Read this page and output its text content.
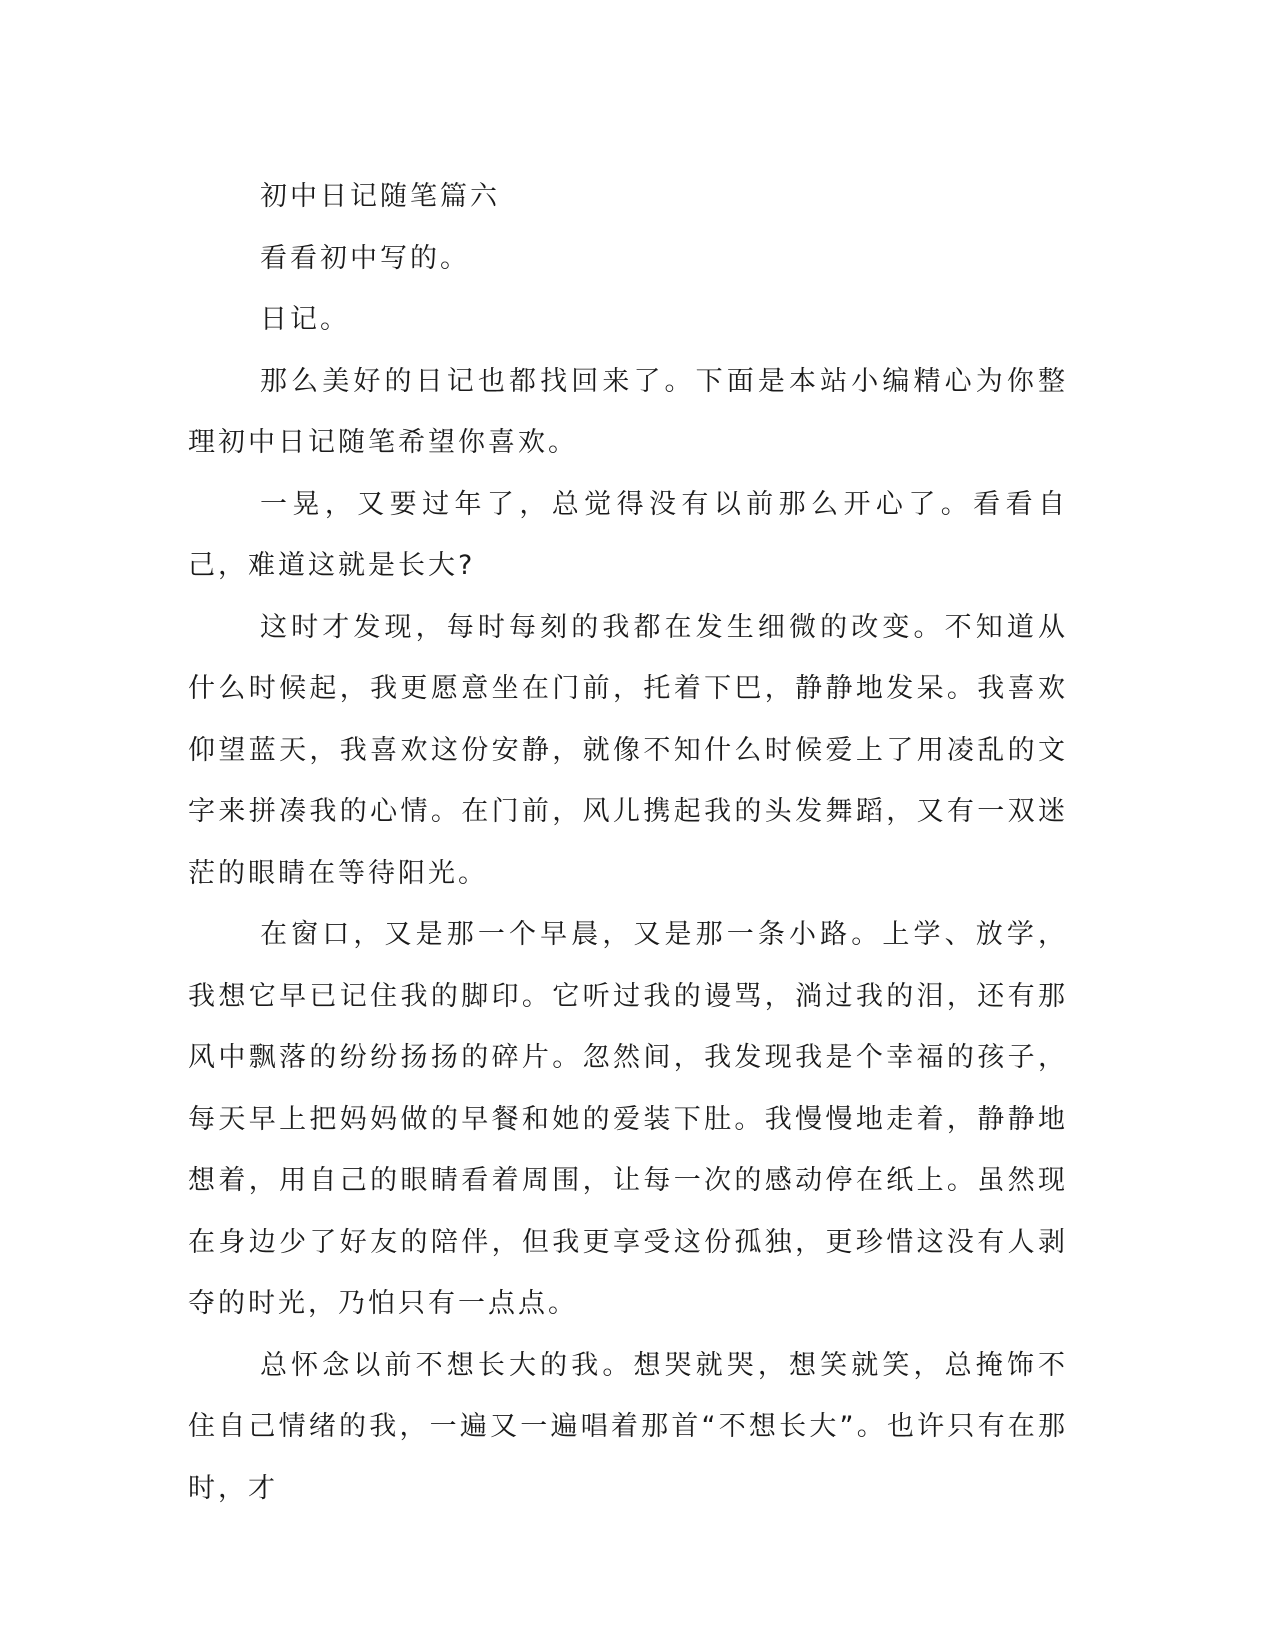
初中日记随笔篇六

看看初中写的。

日记。

那么美好的日记也都找回来了。下面是本站小编精心为你整理初中日记随笔希望你喜欢。

一晃，又要过年了，总觉得没有以前那么开心了。看看自己，难道这就是长大?

这时才发现，每时每刻的我都在发生细微的改变。不知道从什么时候起，我更愿意坐在门前，托着下巴，静静地发呆。我喜欢仰望蓝天，我喜欢这份安静，就像不知什么时候爱上了用凌乱的文字来拼凑我的心情。在门前，风儿携起我的头发舞蹈，又有一双迷茫的眼睛在等待阳光。

在窗口，又是那一个早晨，又是那一条小路。上学、放学，我想它早已记住我的脚印。它听过我的谩骂，淌过我的泪，还有那风中飘落的纷纷扬扬的碎片。忽然间，我发现我是个幸福的孩子，每天早上把妈妈做的早餐和她的爱装下肚。我慢慢地走着，静静地想着，用自己的眼睛看着周围，让每一次的感动停在纸上。虽然现在身边少了好友的陪伴，但我更享受这份孤独，更珍惜这没有人剥夺的时光，乃怕只有一点点。

总怀念以前不想长大的我。想哭就哭，想笑就笑，总掩饰不住自己情绪的我，一遍又一遍唱着那首“不想长大”。也许只有在那时，才
